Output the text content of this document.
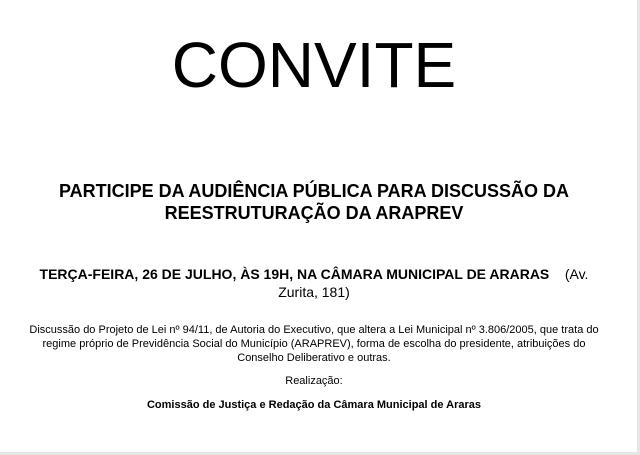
CONVITE
PARTICIPE DA AUDIÊNCIA PÚBLICA PARA DISCUSSÃO DA REESTRUTURAÇÃO DA ARAPREV
TERÇA-FEIRA, 26 DE JULHO, ÀS 19H, NA CÂMARA MUNICIPAL DE ARARAS (Av. Zurita, 181)
Discussão do Projeto de Lei nº 94/11, de Autoria do Executivo, que altera a Lei Municipal nº 3.806/2005, que trata do regime próprio de Previdência Social do Município (ARAPREV), forma de escolha do presidente, atribuições do Conselho Deliberativo e outras.
Realização:
Comissão de Justiça e Redação da Câmara Municipal de Araras
